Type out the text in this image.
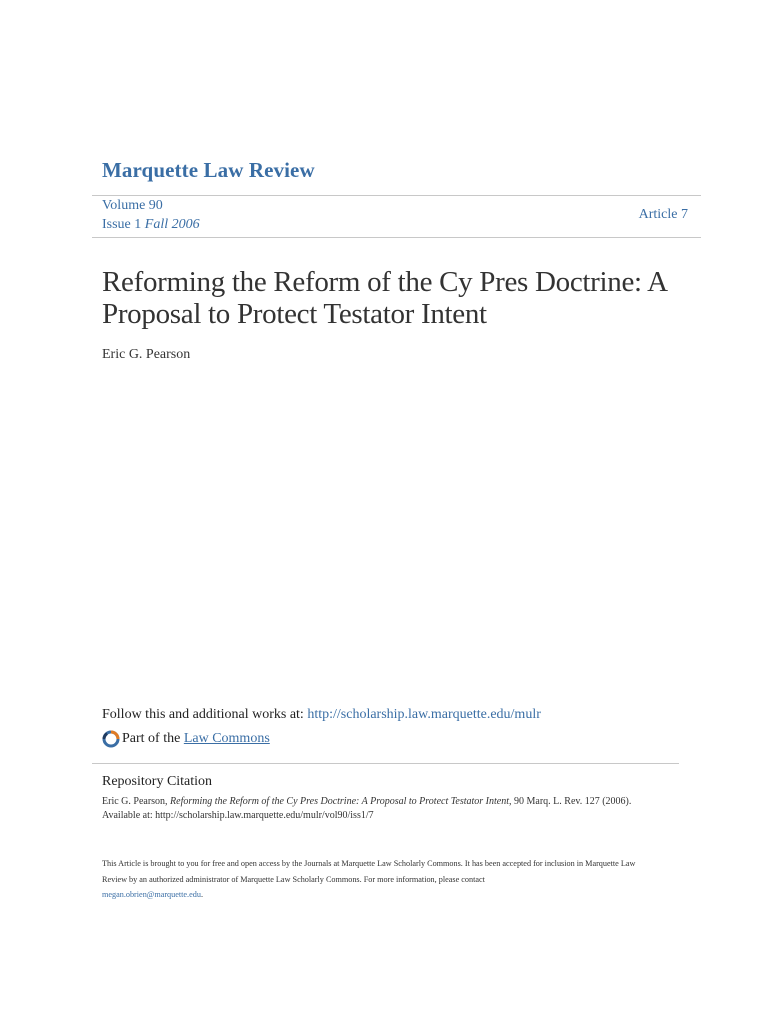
Marquette Law Review
Volume 90
Issue 1 Fall 2006
Article 7
Reforming the Reform of the Cy Pres Doctrine: A Proposal to Protect Testator Intent
Eric G. Pearson
Follow this and additional works at: http://scholarship.law.marquette.edu/mulr
Part of the
Law Commons
Repository Citation
Eric G. Pearson, Reforming the Reform of the Cy Pres Doctrine: A Proposal to Protect Testator Intent, 90 Marq. L. Rev. 127 (2006).
Available at: http://scholarship.law.marquette.edu/mulr/vol90/iss1/7
This Article is brought to you for free and open access by the Journals at Marquette Law Scholarly Commons. It has been accepted for inclusion in Marquette Law Review by an authorized administrator of Marquette Law Scholarly Commons. For more information, please contact
megan.obrien@marquette.edu.
